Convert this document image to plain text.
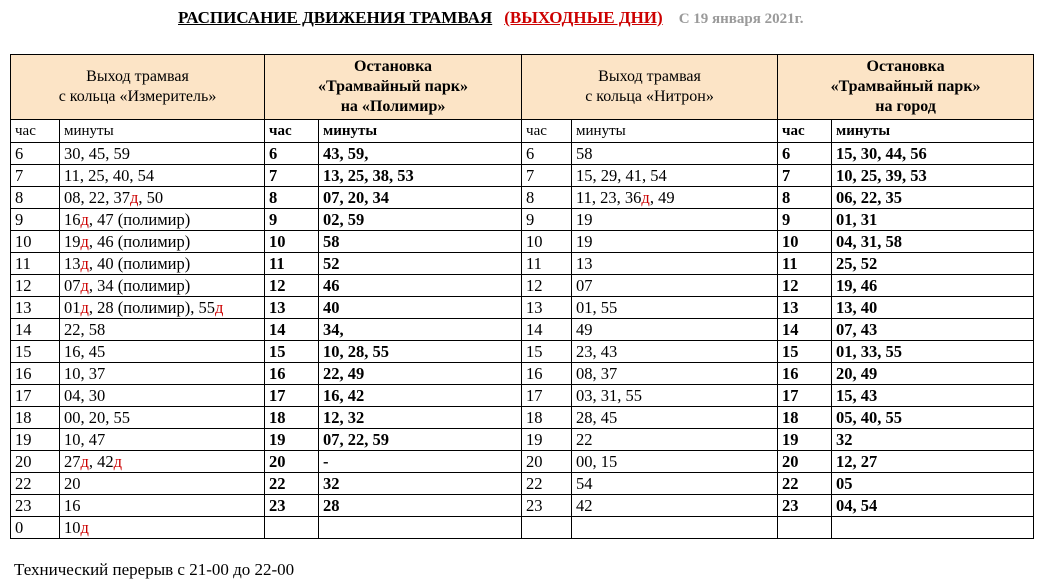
РАСПИСАНИЕ ДВИЖЕНИЯ ТРАМВАЯ (ВЫХОДНЫЕ ДНИ) С 19 января 2021г.
Выход трамвая
с кольца «Измеритель»		Остановка
«Трамвайный парк»
на «Полимир»		Выход трамвая
с кольца «Нитрон»		Остановка
«Трамвайный парк»
на город	
час	минуты	час	минуты	час	минуты	час	минуты
6	30, 45, 59	6	43, 59,	6	58	6	15, 30, 44, 56
7	11, 25, 40, 54	7	13, 25, 38, 53	7	15, 29, 41, 54	7	10, 25, 39, 53
8	08, 22, 37д, 50	8	07, 20, 34	8	11, 23, 36д, 49	8	06, 22, 35
9	16д, 47 (полимир)	9	02, 59	9	19	9	01, 31
10	19д, 46 (полимир)	10	58	10	19	10	04, 31, 58
11	13д, 40 (полимир)	11	52	11	13	11	25, 52
12	07д, 34 (полимир)	12	46	12	07	12	19, 46
13	01д, 28 (полимир), 55д	13	40	13	01, 55	13	13, 40
14	22, 58	14	34,	14	49	14	07, 43
15	16, 45	15	10, 28, 55	15	23, 43	15	01, 33, 55
16	10, 37	16	22, 49	16	08, 37	16	20, 49
17	04, 30	17	16, 42	17	03, 31, 55	17	15, 43
18	00, 20, 55	18	12, 32	18	28, 45	18	05, 40, 55
19	10, 47	19	07, 22, 59	19	22	19	32
20	27д, 42д	20	-	20	00, 15	20	12, 27
22	20	22	32	22	54	22	05
23	16	23	28	23	42	23	04, 54
0	10д						
Технический перерыв с 21-00 до 22-00
